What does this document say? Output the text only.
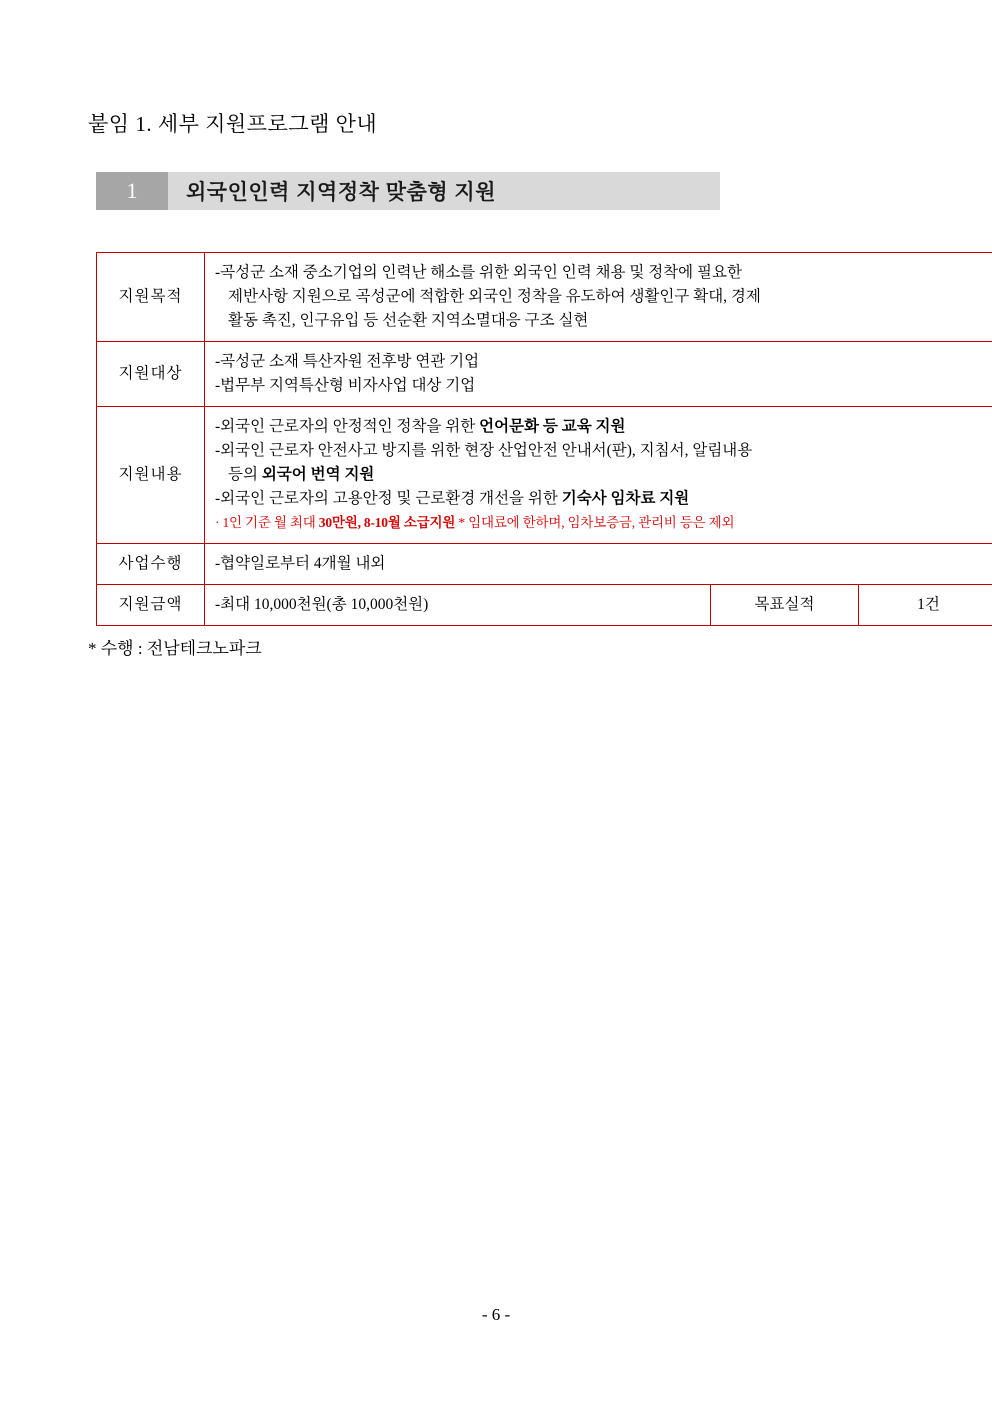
붙임 1. 세부 지원프로그램 안내
1	외국인인력 지역정착 맞춤형 지원
지원목적	-곡성군 소재 중소기업의 인력난 해소를 위한 외국인 인력 채용 및 정착에 필요한
제반사항 지원으로 곡성군에 적합한 외국인 정착을 유도하여 생활인구 확대, 경제
활동 촉진, 인구유입 등 선순환 지역소멸대응 구조 실현		

지원대상	-곡성군 소재 특산자원 전후방 연관 기업
-법무부 지역특산형 비자사업 대상 기업		

지원내용	-외국인 근로자의 안정적인 정착을 위한 언어문화 등 교육 지원 -외국인 근로자 안전사고 방지를 위한 현장 산업안전 안내서(판), 지침서, 알림내용
등의 외국어 번역 지원
-외국인 근로자의 고용안정 및 근로환경 개선을 위한 기숙사 임차료 지원 · 1인 기준 월 최대 30만원, 8-10월 소급지원 * 임대료에 한하며, 임차보증금, 관리비 등은 제외		
사업수행	-협약일로부터 4개월 내외		

지원금액	-최대 10,000천원(총 10,000천원)	목표실적	1건
* 수행 : 전남테크노파크
- 6 -
